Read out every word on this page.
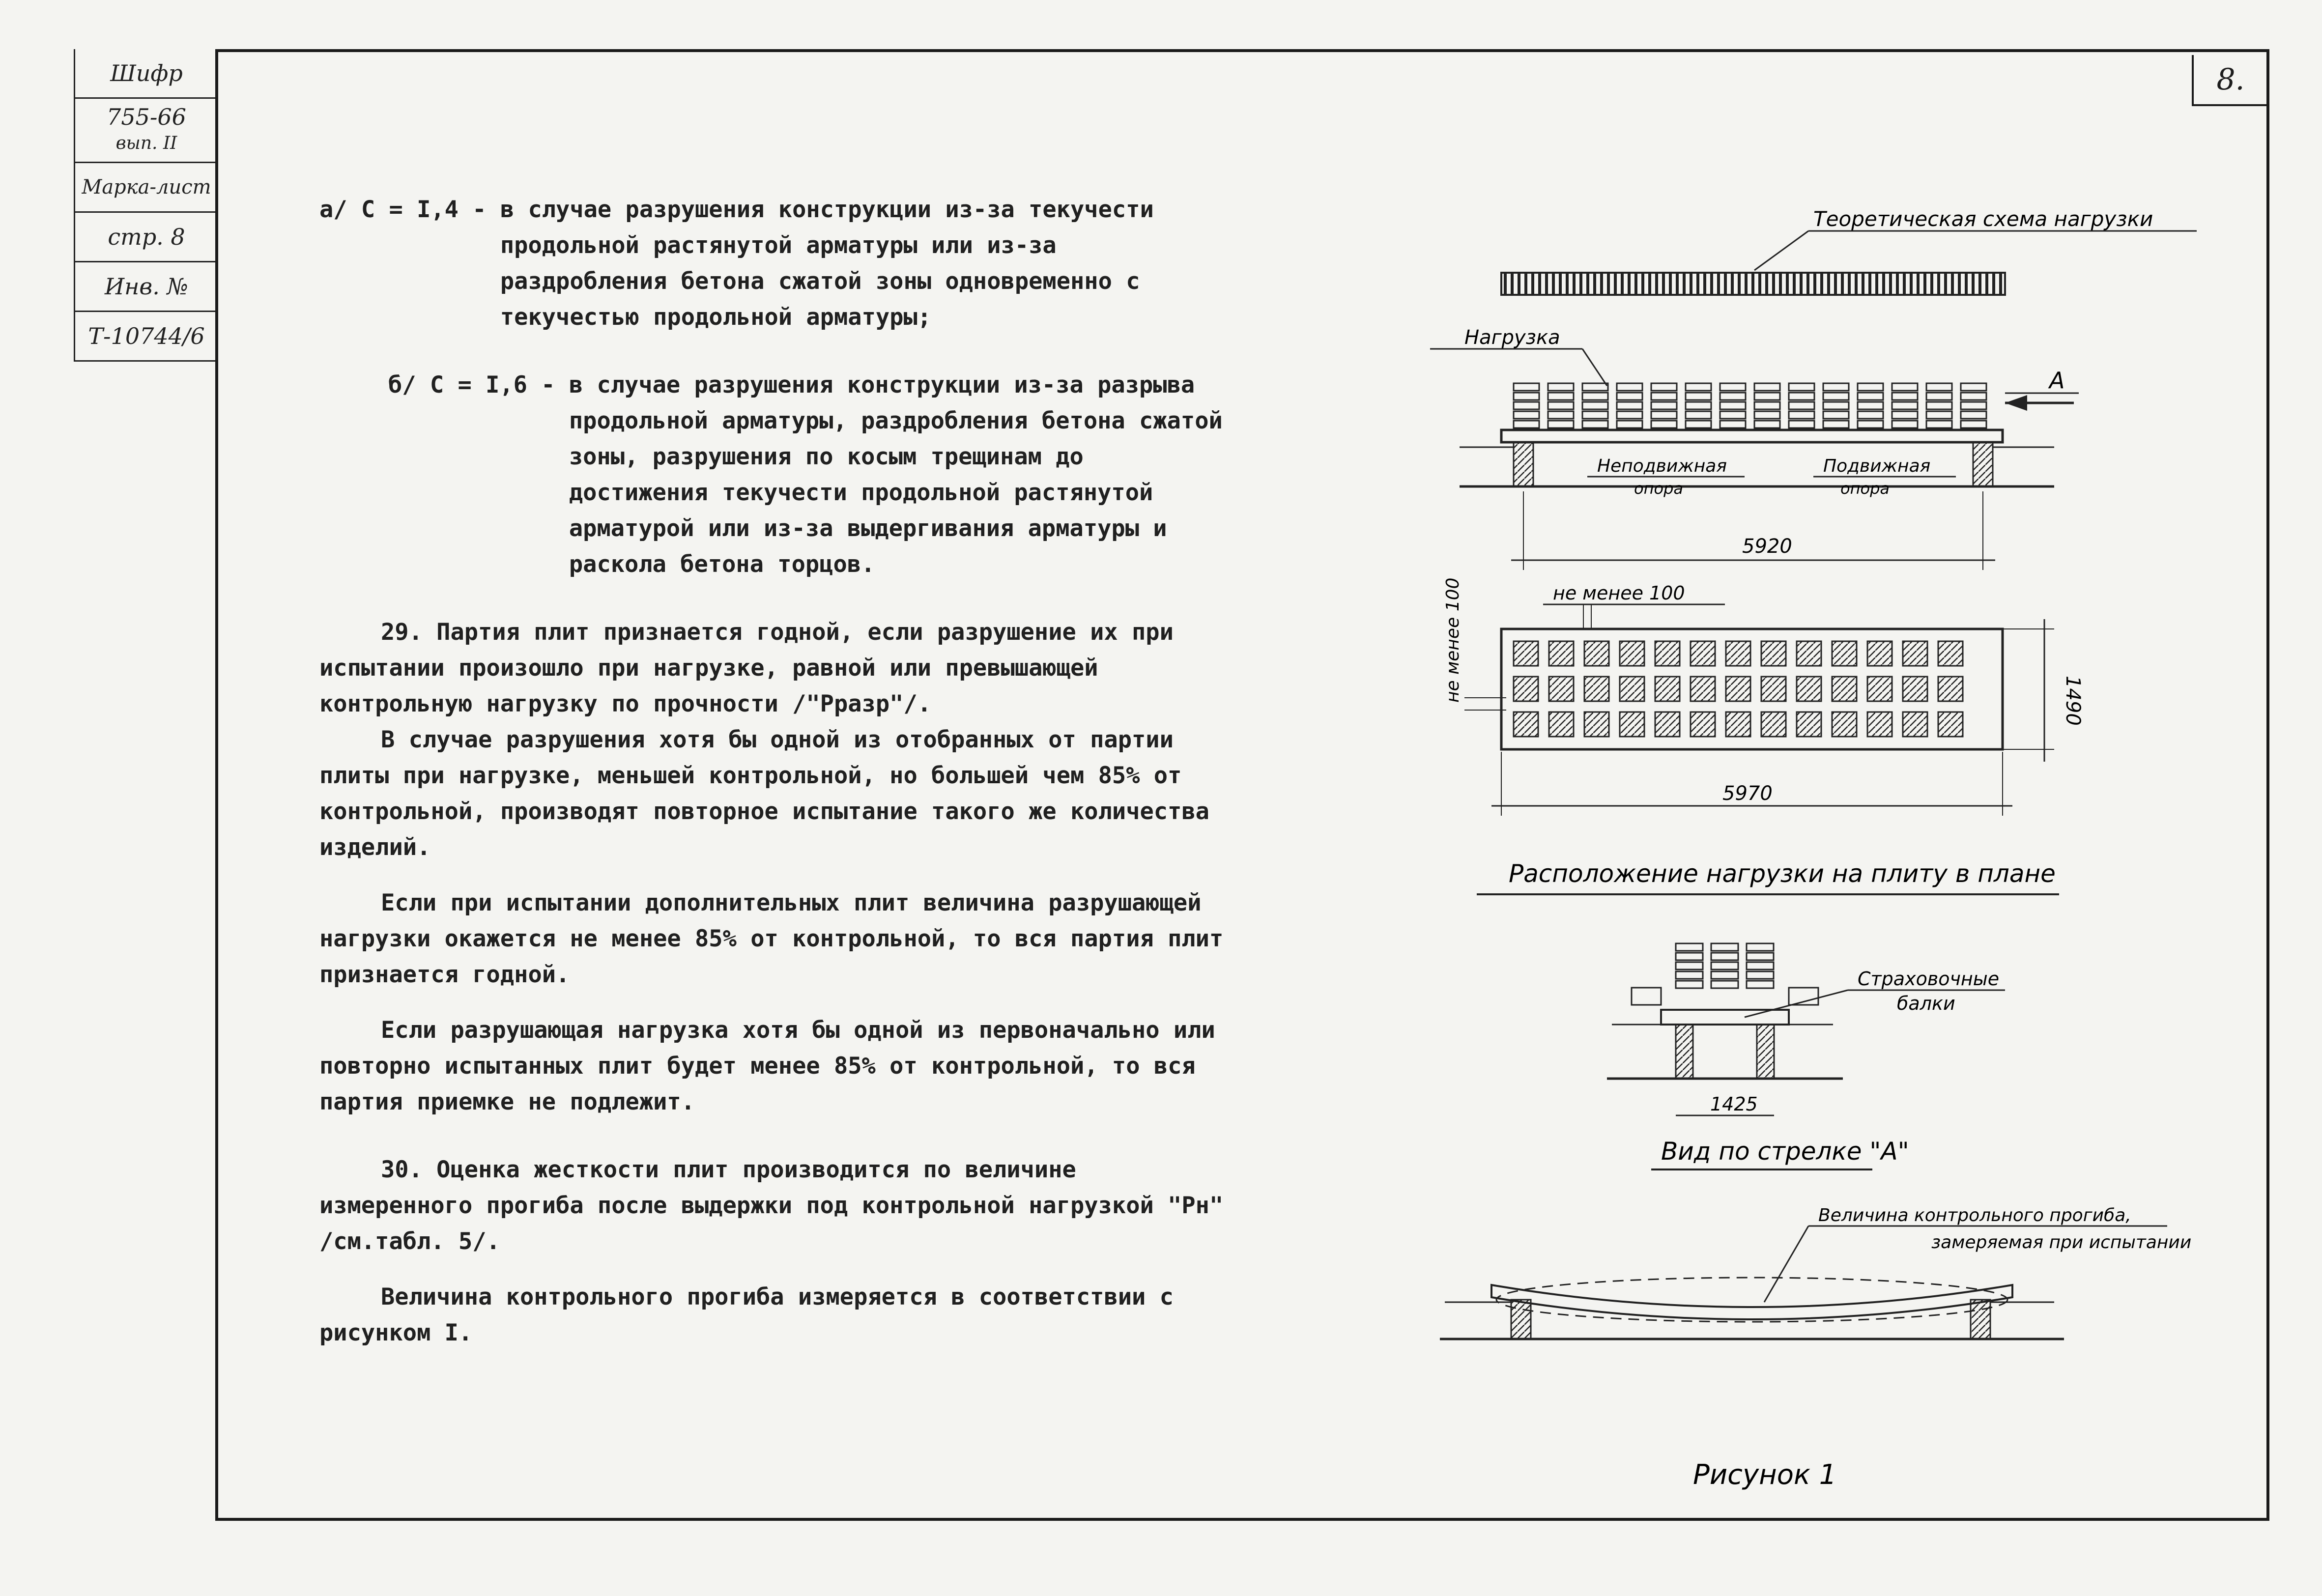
Шифр
755-66
вып. II
Марка-лист
стр. 8
Инв. №
Т-10744/6
8.
а/ С = I,4 - в случае разрушения конструкции из-за текучести продольной растянутой арматуры или из-за раздробления бетона сжатой зоны одновременно с текучестью продольной арматуры;
б/ С = I,6 - в случае разрушения конструкции из-за разрыва продольной арматуры, раздробления бетона сжатой зоны, разрушения по косым трещинам до достижения текучести продольной растянутой арматурой или из-за выдергивания арматуры и раскола бетона торцов.

29. Партия плит признается годной, если разрушение их при испытании произошло при нагрузке, равной или превышающей контрольную нагрузку по прочности /"Рразр"/.

В случае разрушения хотя бы одной из отобранных от партии плиты при нагрузке, меньшей контрольной, но большей чем 85% от контрольной, производят повторное испытание такого же количества изделий.

Если при испытании дополнительных плит величина разрушающей нагрузки окажется не менее 85% от контрольной, то вся партия плит признается годной.

Если разрушающая нагрузка хотя бы одной из первоначально или повторно испытанных плит будет менее 85% от контрольной, то вся партия приемке не подлежит.

30. Оценка жесткости плит производится по величине измеренного прогиба после выдержки под контрольной нагрузкой "Рн" /см.табл. 5/.

Величина контрольного прогиба измеряется в соответствии с рисунком I.

Теоретическая схема нагрузки
Нагрузка
А
Неподвижная
опора
Подвижная
опора
5920
не менее 100
не менее 100	1490
5970
Расположение нагрузки на плиту в плане
Страховочные
балки
1425
Вид по стрелке "А"
Величина контрольного прогиба,
замеряемая при испытании
Рисунок 1
